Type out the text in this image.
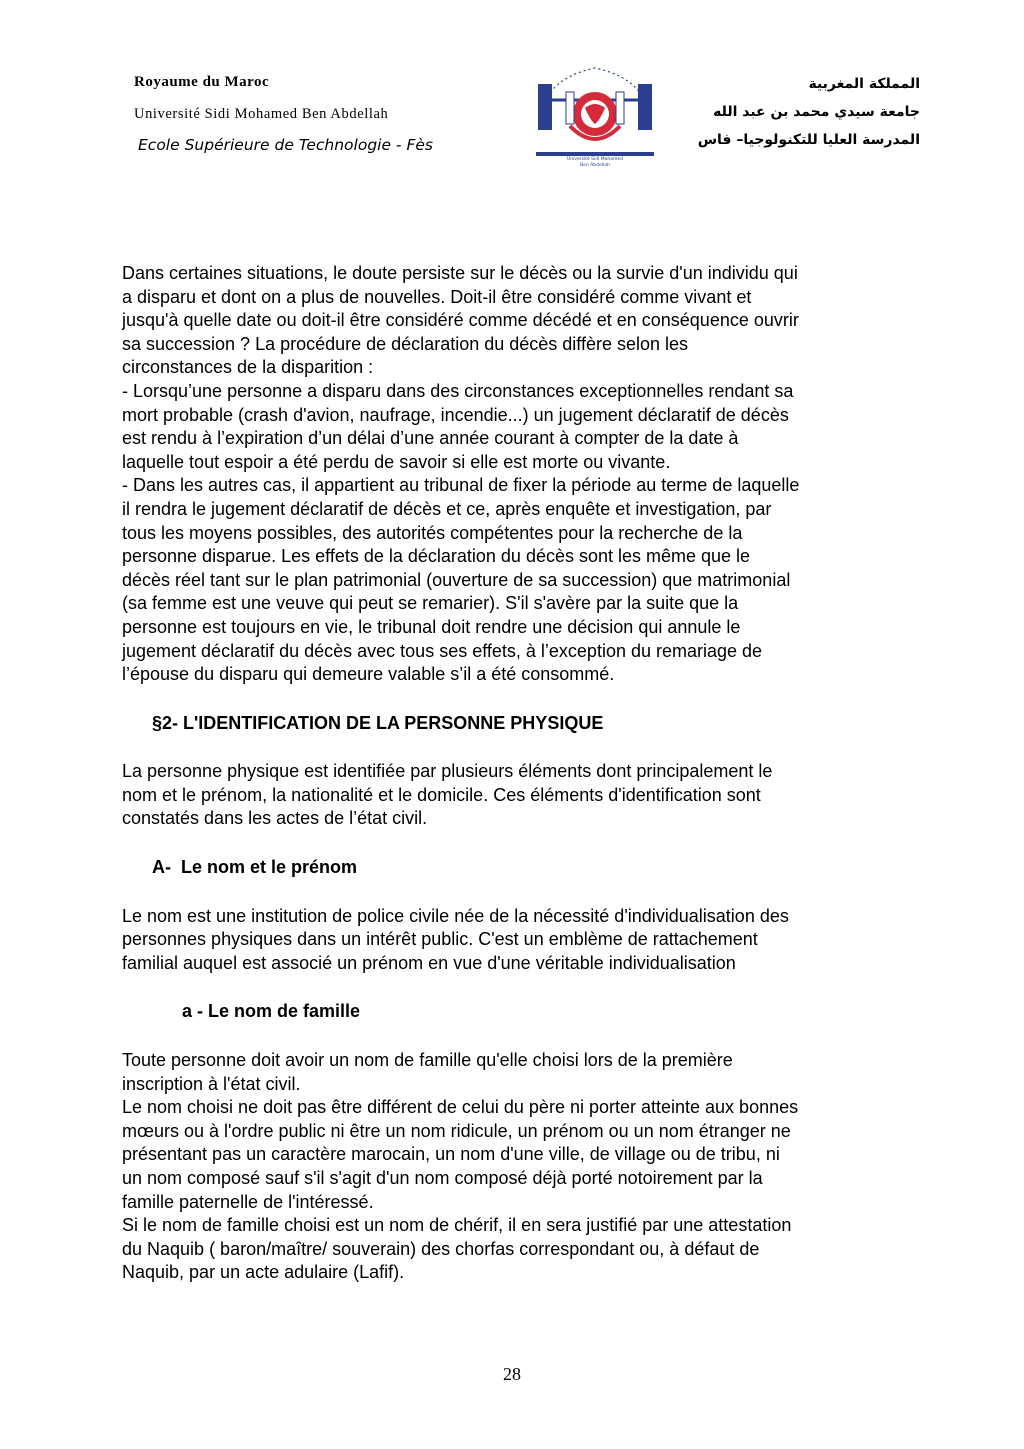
Royaume du Maroc
Université Sidi Mohamed Ben Abdellah
Ecole Supérieure de Technologie - Fès
Université Sidi Mohamed
Ben Abdellah
المملكة المغربية
جامعة سيدي محمد بن عبد الله
المدرسة العليا للتكنولوجيا– فاس

Dans certaines situations, le doute persiste sur le décès ou la survie d'un individu qui
a disparu et dont on a plus de nouvelles. Doit-il être considéré comme vivant et
jusqu'à quelle date ou doit-il être considéré comme décédé et en conséquence ouvrir
sa succession ? La procédure de déclaration du décès diffère selon les
circonstances de la disparition :
- Lorsqu’une personne a disparu dans des circonstances exceptionnelles rendant sa
mort probable (crash d'avion, naufrage, incendie...) un jugement déclaratif de décès
est rendu à l’expiration d’un délai d’une année courant à compter de la date à
laquelle tout espoir a été perdu de savoir si elle est morte ou vivante.
- Dans les autres cas, il appartient au tribunal de fixer la période au terme de laquelle
il rendra le jugement déclaratif de décès et ce, après enquête et investigation, par
tous les moyens possibles, des autorités compétentes pour la recherche de la
personne disparue. Les effets de la déclaration du décès sont les même que le
décès réel tant sur le plan patrimonial (ouverture de sa succession) que matrimonial
(sa femme est une veuve qui peut se remarier). S'il s'avère par la suite que la
personne est toujours en vie, le tribunal doit rendre une décision qui annule le
jugement déclaratif du décès avec tous ses effets, à l’exception du remariage de
l’épouse du disparu qui demeure valable s’il a été consommé.

§2- L'IDENTIFICATION DE LA PERSONNE PHYSIQUE

La personne physique est identifiée par plusieurs éléments dont principalement le
nom et le prénom, la nationalité et le domicile. Ces éléments d'identification sont
constatés dans les actes de l’état civil.

A- Le nom et le prénom

Le nom est une institution de police civile née de la nécessité d'individualisation des
personnes physiques dans un intérêt public. C'est un emblème de rattachement
familial auquel est associé un prénom en vue d'une véritable individualisation

a - Le nom de famille

Toute personne doit avoir un nom de famille qu'elle choisi lors de la première
inscription à l'état civil.
Le nom choisi ne doit pas être différent de celui du père ni porter atteinte aux bonnes
mœurs ou à l'ordre public ni être un nom ridicule, un prénom ou un nom étranger ne
présentant pas un caractère marocain, un nom d'une ville, de village ou de tribu, ni
un nom composé sauf s'il s'agit d'un nom composé déjà porté notoirement par la
famille paternelle de l'intéressé.
Si le nom de famille choisi est un nom de chérif, il en sera justifié par une attestation
du Naquib ( baron/maître/ souverain) des chorfas correspondant ou, à défaut de
Naquib, par un acte adulaire (Lafif).

28
